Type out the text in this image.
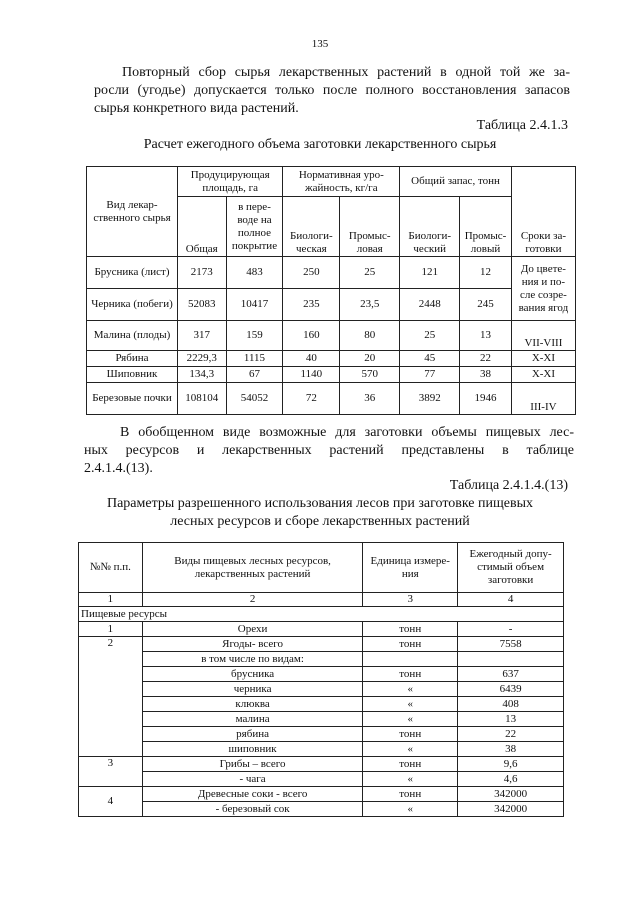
135
Повторный сбор сырья лекарственных растений в одной той же за-
росли (угодье) допускается только после полного восстановления запасов
сырья конкретного вида растений.
Таблица 2.4.1.3
Расчет ежегодного объема заготовки лекарственного сырья
Вид лекар- ственного сырья	Продуцирующая площадь, га		Нормативная уро- жайность, кг/га		Общий запас, тонн		Сроки за- готовки
	Общая	в пере- воде на полное покрытие	Биологи- ческая	Промыс- ловая	Биологи- ческий	Промыс- ловый	
Брусника (лист)	2173	483	250	25	121	12	До цвете- ния и по- сле созре- вания ягод
Черника (побеги)	52083	10417	235	23,5	2448	245	
Малина (плоды)	317	159	160	80	25	13	VII-VIII
Рябина	2229,3	1115	40	20	45	22	X-XI
Шиповник	134,3	67	1140	570	77	38	X-XI
Березовые почки	108104	54052	72	36	3892	1946	III-IV
В обобщенном виде возможные для заготовки объемы пищевых лес-
ных ресурсов и лекарственных растений представлены в таблице
2.4.1.4.(13).
Таблица 2.4.1.4.(13)
Параметры разрешенного использования лесов при заготовке пищевых
лесных ресурсов и сборе лекарственных растений
№№ п.п.	Виды пищевых лесных ресурсов, лекарственных растений	Единица измере- ния	Ежегодный допу- стимый объем заготовки
1	2	3	4
Пищевые ресурсы			
1	Орехи	тонн	-
2	Ягоды- всего	тонн	7558
	в том числе по видам:		
	брусника	тонн	637
	черника	«	6439
	клюква	«	408
	малина	«	13
	рябина	тонн	22
	шиповник	«	38
3	Грибы – всего	тонн	9,6
	- чага	«	4,6
4	Древесные соки - всего	тонн	342000
	- березовый сок	«	342000
